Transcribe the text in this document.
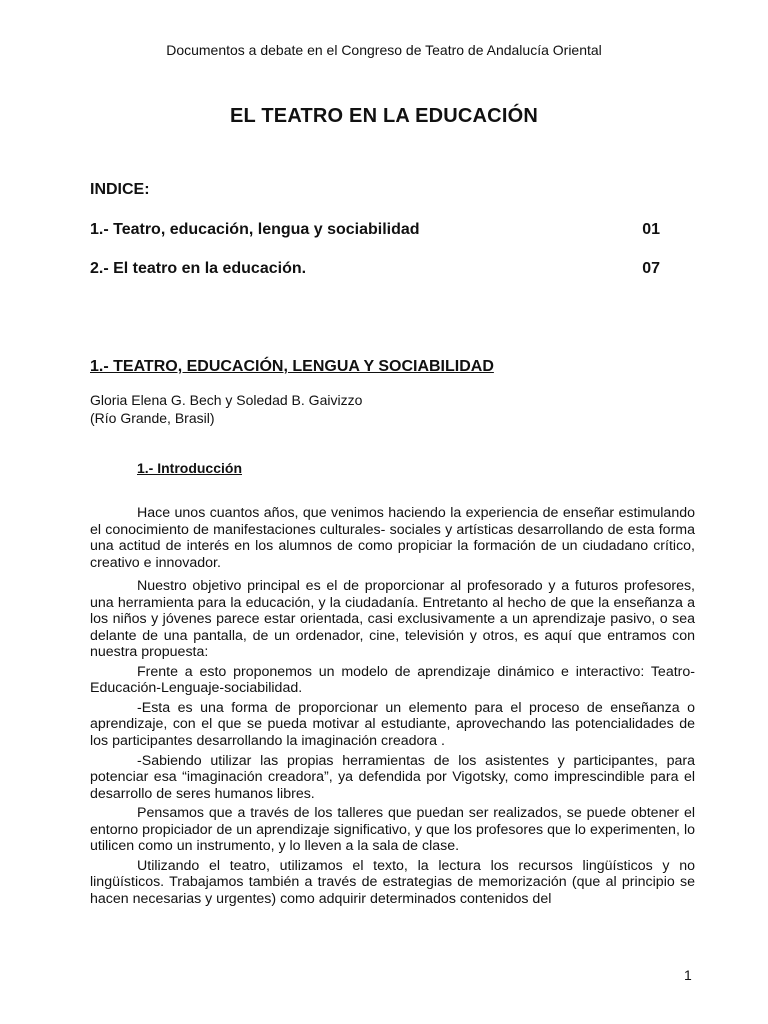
Documentos a debate en el Congreso de Teatro de Andalucía Oriental
EL TEATRO EN LA EDUCACIÓN
INDICE:
1.- Teatro, educación, lengua y sociabilidad	01
2.- El teatro en la educación.	07
1.- TEATRO, EDUCACIÓN, LENGUA Y SOCIABILIDAD
Gloria Elena G. Bech y Soledad B. Gaivizzo
(Río Grande, Brasil)
1.- Introducción

Hace unos cuantos años, que venimos haciendo la experiencia de enseñar estimulando el conocimiento de manifestaciones culturales- sociales y artísticas desarrollando de esta forma una actitud de interés en los alumnos de como propiciar la formación de un ciudadano crítico, creativo e innovador.

Nuestro objetivo principal es el de proporcionar al profesorado y a futuros profesores, una herramienta para la educación, y la ciudadanía. Entretanto al hecho de que la enseñanza a los niños y jóvenes parece estar orientada, casi exclusivamente a un aprendizaje pasivo, o sea delante de una pantalla, de un ordenador, cine, televisión y otros, es aquí que entramos con nuestra propuesta:

Frente a esto proponemos un modelo de aprendizaje dinámico e interactivo: Teatro-Educación-Lenguaje-sociabilidad.

-Esta es una forma de proporcionar un elemento para el proceso de enseñanza o aprendizaje, con el que se pueda motivar al estudiante, aprovechando las potencialidades de los participantes desarrollando la imaginación creadora .

-Sabiendo utilizar las propias herramientas de los asistentes y participantes, para potenciar esa “imaginación creadora”, ya defendida por Vigotsky, como imprescindible para el desarrollo de seres humanos libres.

Pensamos que a través de los talleres que puedan ser realizados, se puede obtener el entorno propiciador de un aprendizaje significativo, y que los profesores que lo experimenten, lo utilicen como un instrumento, y lo lleven a la sala de clase.

Utilizando el teatro, utilizamos el texto, la lectura los recursos lingüísticos y no lingüísticos. Trabajamos también a través de estrategias de memorización (que al principio se hacen necesarias y urgentes) como adquirir determinados contenidos del

1
